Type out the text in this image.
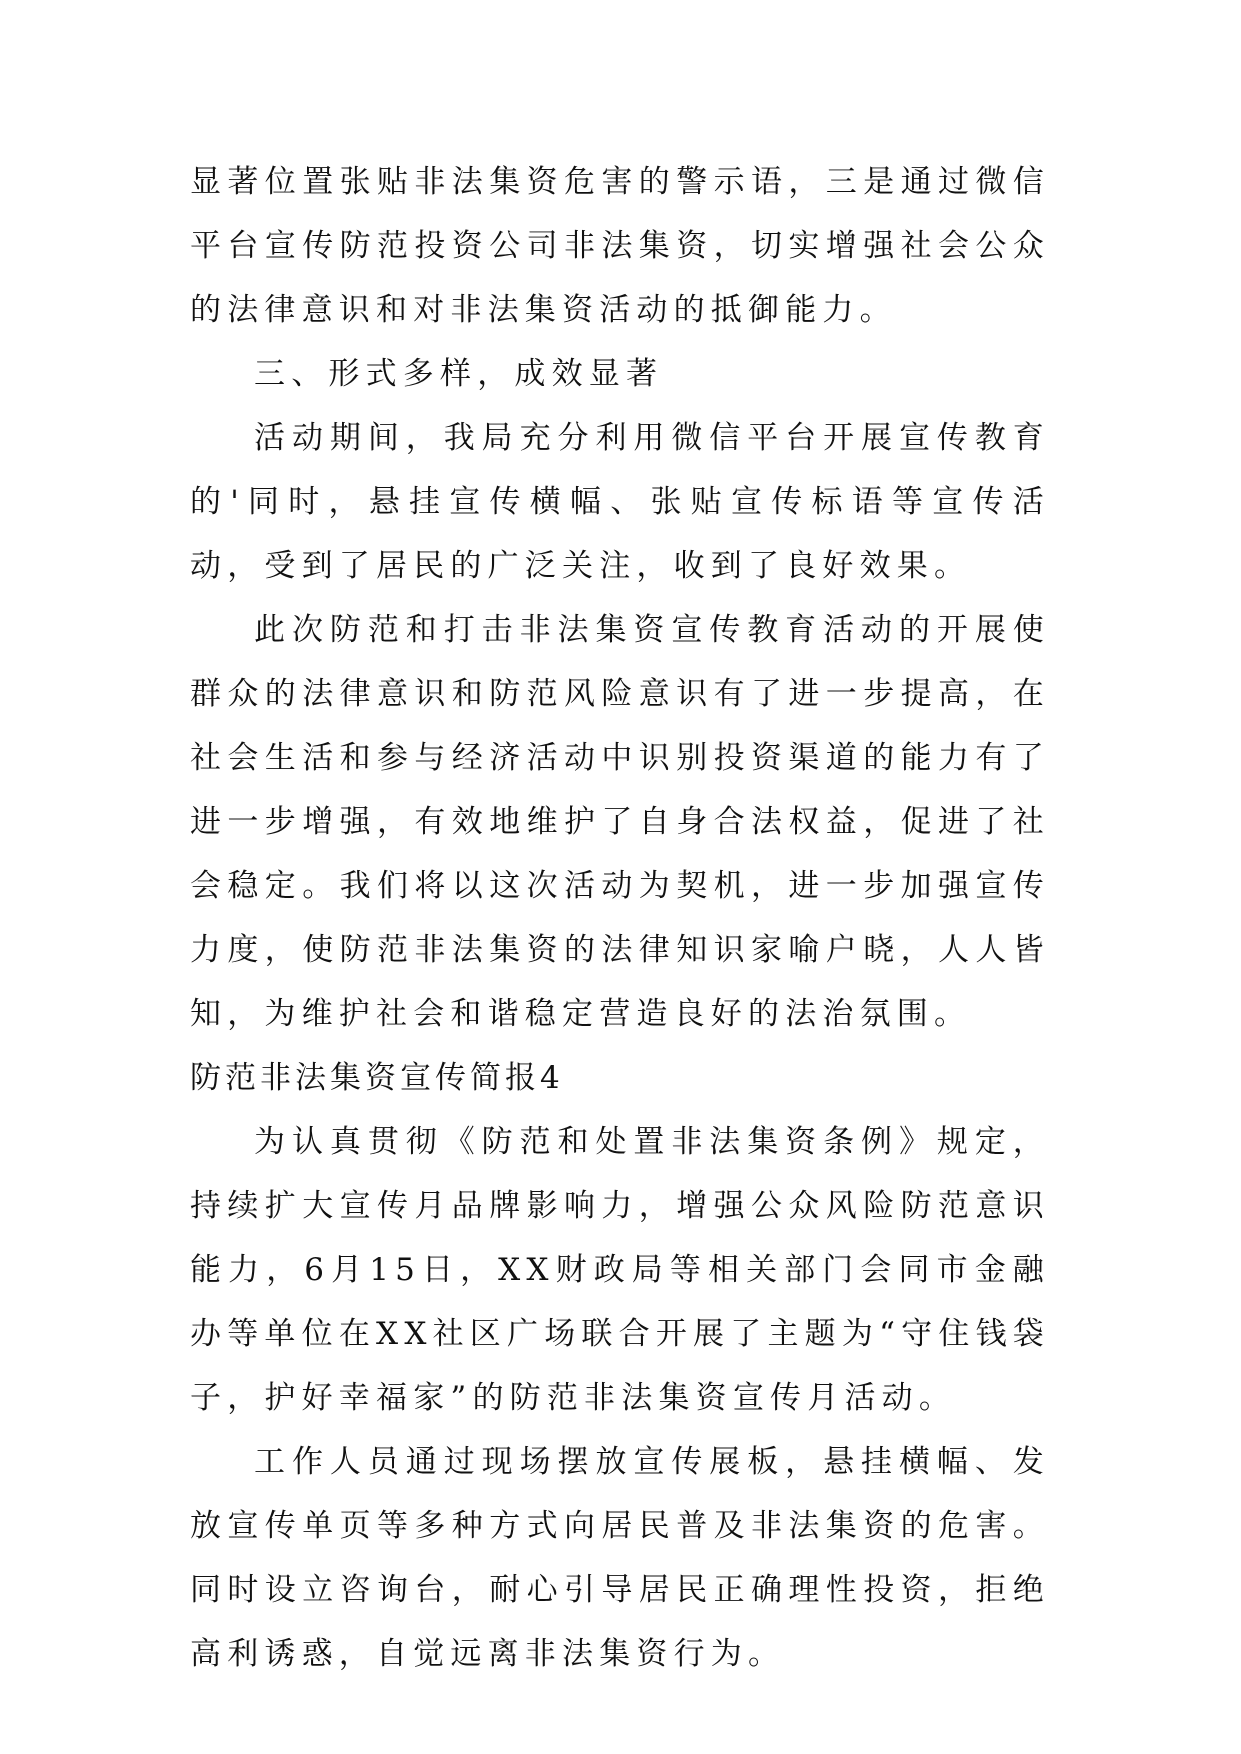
显著位置张贴非法集资危害的警示语，三是通过微信平台宣传防范投资公司非法集资，切实增强社会公众的法律意识和对非法集资活动的抵御能力。

三、形式多样，成效显著

活动期间，我局充分利用微信平台开展宣传教育的'同时，悬挂宣传横幅、张贴宣传标语等宣传活动，受到了居民的广泛关注，收到了良好效果。

此次防范和打击非法集资宣传教育活动的开展使群众的法律意识和防范风险意识有了进一步提高，在社会生活和参与经济活动中识别投资渠道的能力有了进一步增强，有效地维护了自身合法权益，促进了社会稳定。我们将以这次活动为契机，进一步加强宣传力度，使防范非法集资的法律知识家喻户晓，人人皆知，为维护社会和谐稳定营造良好的法治氛围。

防范非法集资宣传简报4

为认真贯彻《防范和处置非法集资条例》规定，持续扩大宣传月品牌影响力，增强公众风险防范意识能力，6月15日，XX财政局等相关部门会同市金融办等单位在XX社区广场联合开展了主题为“守住钱袋子，护好幸福家”的防范非法集资宣传月活动。

工作人员通过现场摆放宣传展板，悬挂横幅、发放宣传单页等多种方式向居民普及非法集资的危害。同时设立咨询台，耐心引导居民正确理性投资，拒绝高利诱惑，自觉远离非法集资行为。
